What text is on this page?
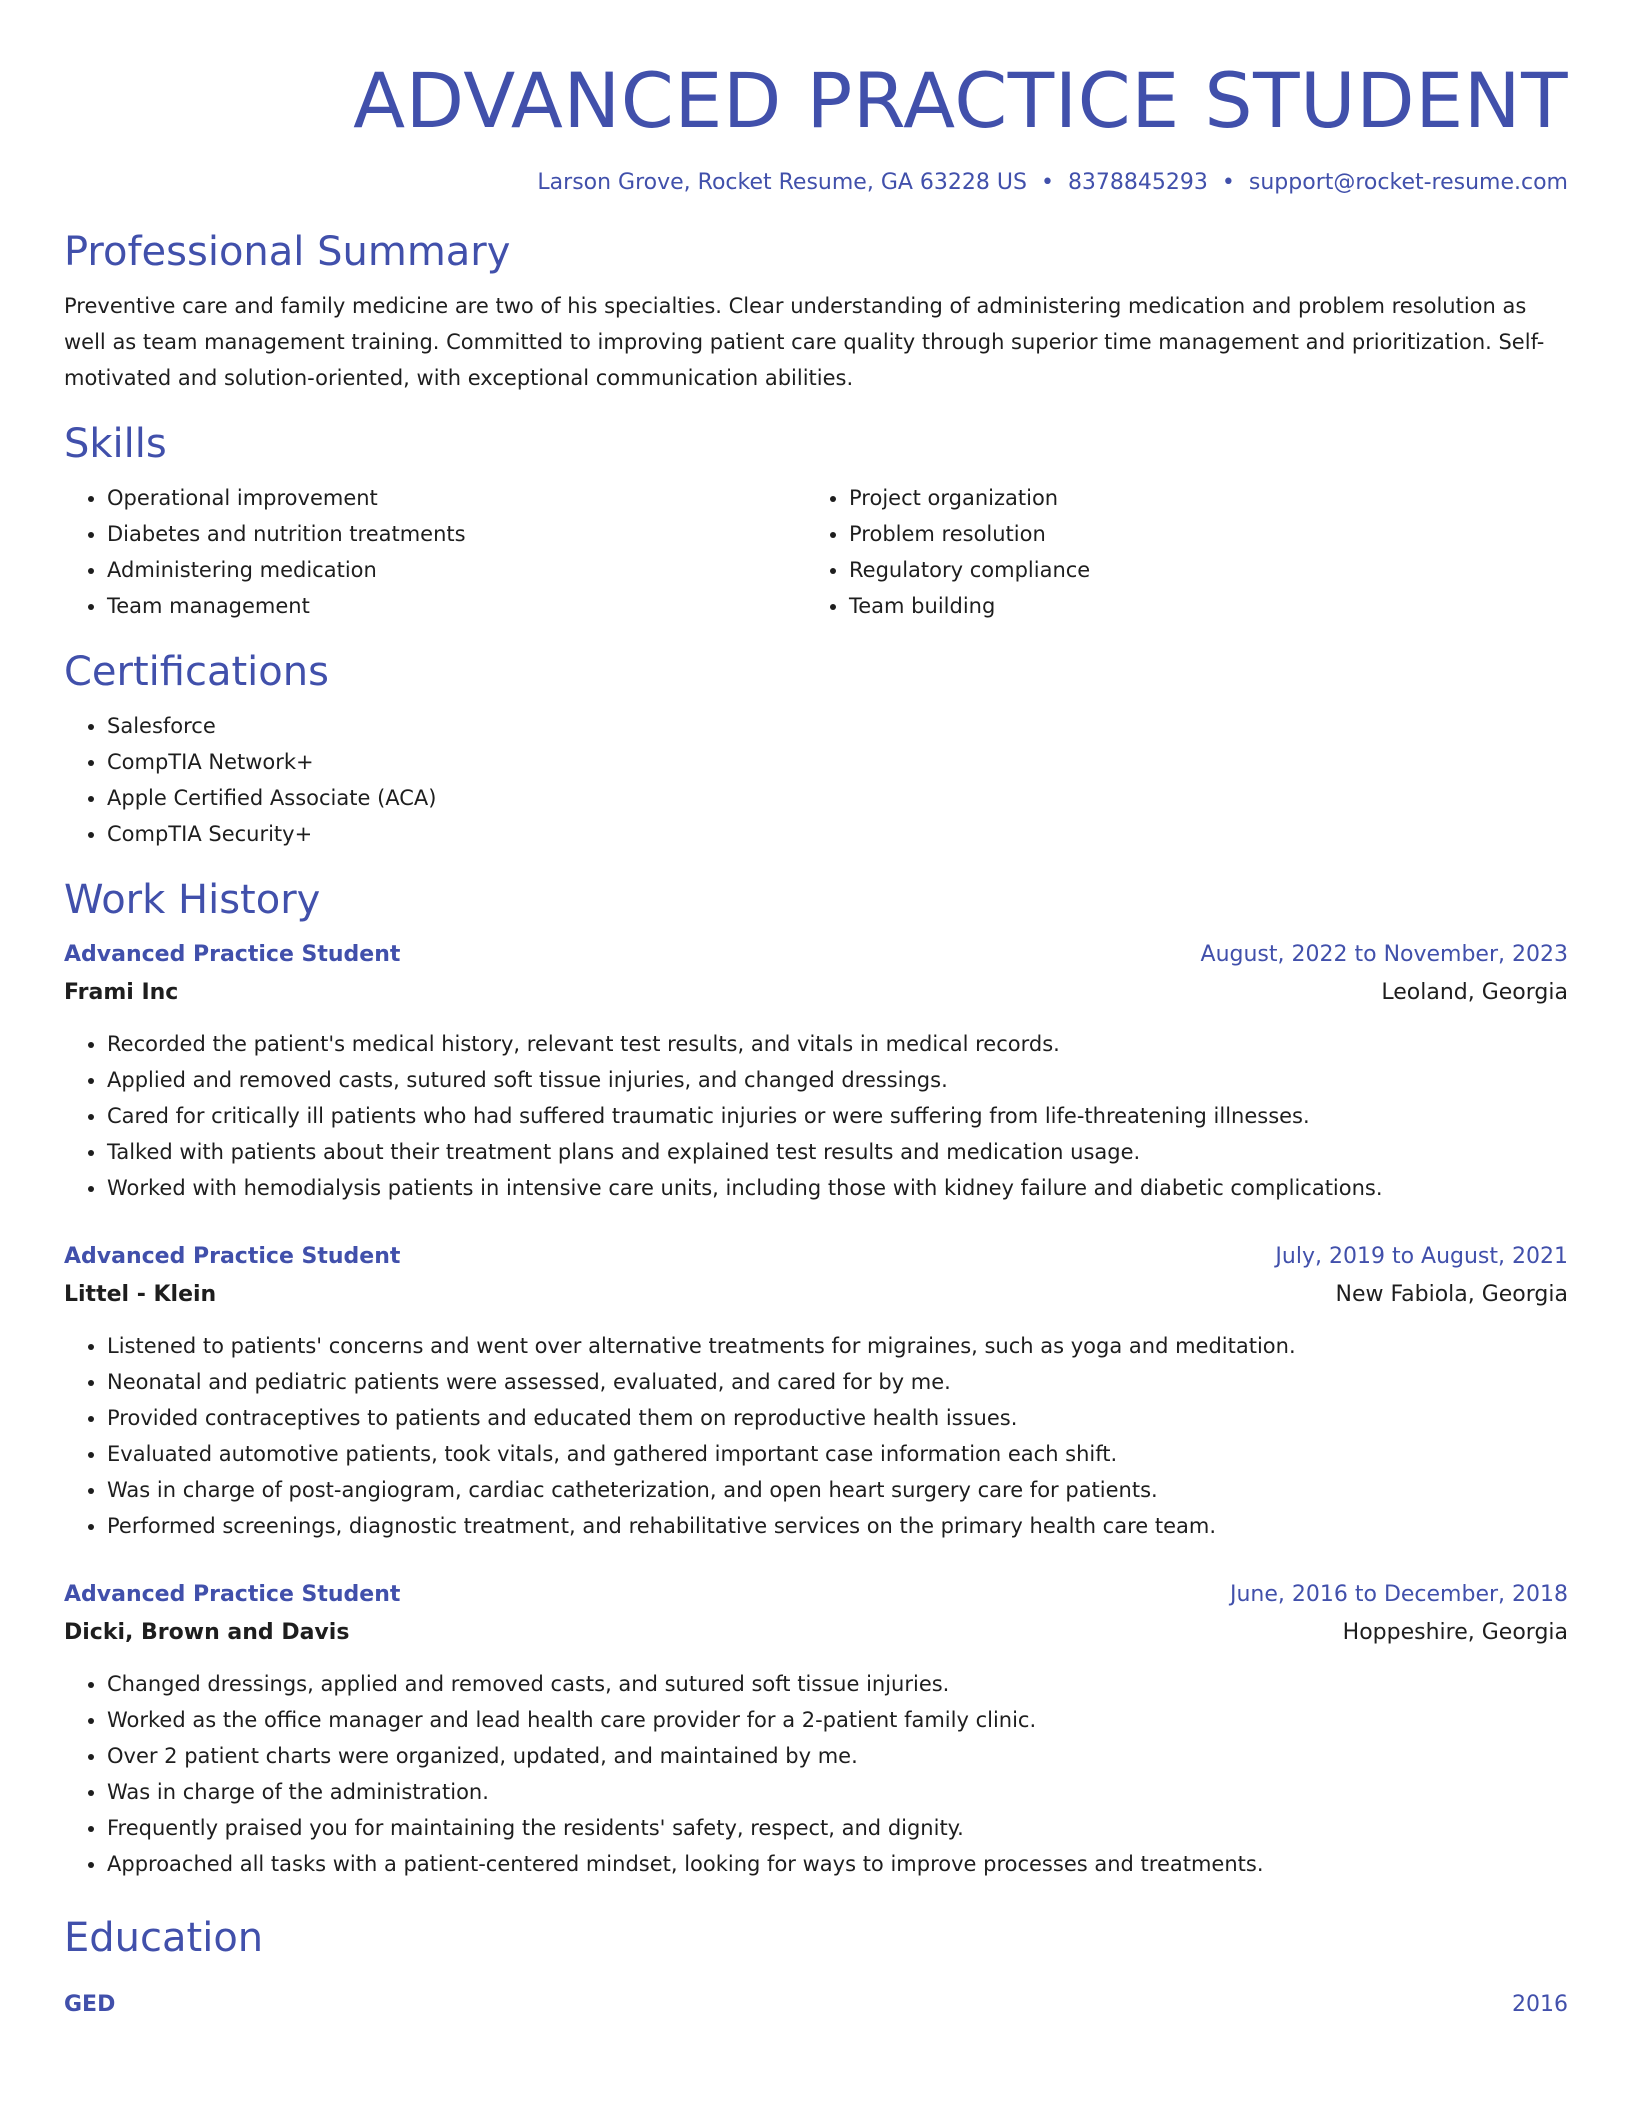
ADVANCED PRACTICE STUDENT
Larson Grove, Rocket Resume, GA 63228 US • 8378845293 • support@rocket-resume.com
Professional Summary

Preventive care and family medicine are two of his specialties. Clear understanding of administering medication and problem resolution as well as team management training. Committed to improving patient care quality through superior time management and prioritization. Self-motivated and solution-oriented, with exceptional communication abilities.

Skills
• Operational improvement
• Diabetes and nutrition treatments
• Administering medication
• Team management
• Project organization
• Problem resolution
• Regulatory compliance
• Team building
Certifications
• Salesforce
• CompTIA Network+
• Apple Certified Associate (ACA)
• CompTIA Security+
Work History
Advanced Practice Student	August, 2022 to November, 2023
Frami Inc	Leoland, Georgia
• Recorded the patient's medical history, relevant test results, and vitals in medical records.
• Applied and removed casts, sutured soft tissue injuries, and changed dressings.
• Cared for critically ill patients who had suffered traumatic injuries or were suffering from life-threatening illnesses.
• Talked with patients about their treatment plans and explained test results and medication usage.
• Worked with hemodialysis patients in intensive care units, including those with kidney failure and diabetic complications.
Advanced Practice Student	July, 2019 to August, 2021
Littel - Klein	New Fabiola, Georgia
• Listened to patients' concerns and went over alternative treatments for migraines, such as yoga and meditation.
• Neonatal and pediatric patients were assessed, evaluated, and cared for by me.
• Provided contraceptives to patients and educated them on reproductive health issues.
• Evaluated automotive patients, took vitals, and gathered important case information each shift.
• Was in charge of post-angiogram, cardiac catheterization, and open heart surgery care for patients.
• Performed screenings, diagnostic treatment, and rehabilitative services on the primary health care team.
Advanced Practice Student	June, 2016 to December, 2018
Dicki, Brown and Davis	Hoppeshire, Georgia
• Changed dressings, applied and removed casts, and sutured soft tissue injuries.
• Worked as the office manager and lead health care provider for a 2-patient family clinic.
• Over 2 patient charts were organized, updated, and maintained by me.
• Was in charge of the administration.
• Frequently praised you for maintaining the residents' safety, respect, and dignity.
• Approached all tasks with a patient-centered mindset, looking for ways to improve processes and treatments.
Education
GED	2016
